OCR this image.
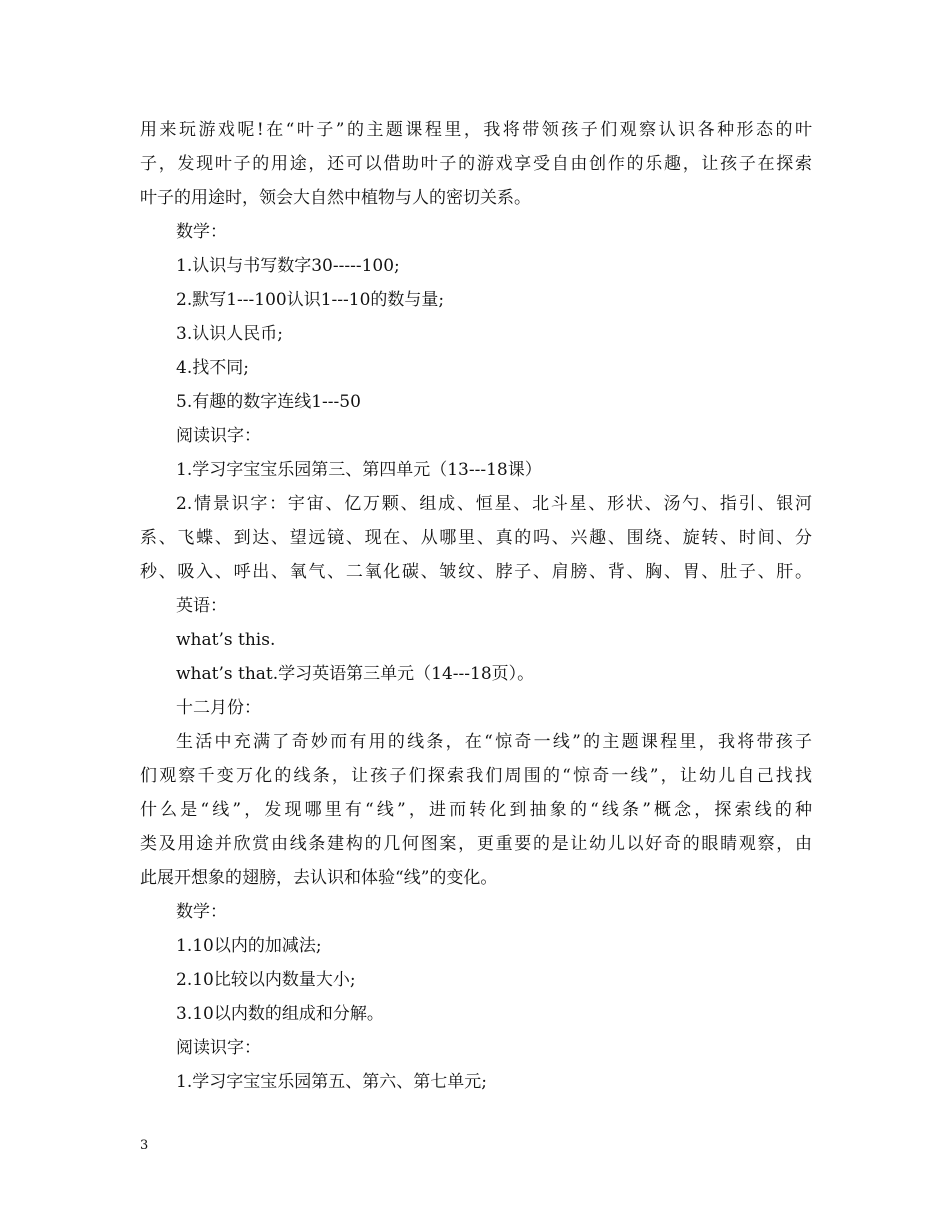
用来玩游戏呢!在“叶子”的主题课程里，我将带领孩子们观察认识各种形态的叶

子，发现叶子的用途，还可以借助叶子的游戏享受自由创作的乐趣，让孩子在探索

叶子的用途时，领会大自然中植物与人的密切关系。

数学：

1.认识与书写数字30-----100;

2.默写1---100认识1---10的数与量;

3.认识人民币;

4.找不同;

5.有趣的数字连线1---50

阅读识字：

1.学习字宝宝乐园第三、第四单元（13---18课）

2.情景识字：宇宙、亿万颗、组成、恒星、北斗星、形状、汤勺、指引、银河

系、飞蝶、到达、望远镜、现在、从哪里、真的吗、兴趣、围绕、旋转、时间、分

秒、吸入、呼出、氧气、二氧化碳、皱纹、脖子、肩膀、背、胸、胃、肚子、肝。

英语：

what’s this.

what’s that.学习英语第三单元（14---18页）。

十二月份：

生活中充满了奇妙而有用的线条，在“惊奇一线”的主题课程里，我将带孩子

们观察千变万化的线条，让孩子们探索我们周围的“惊奇一线”，让幼儿自己找找

什么是“线”，发现哪里有“线”，进而转化到抽象的“线条”概念，探索线的种

类及用途并欣赏由线条建构的几何图案，更重要的是让幼儿以好奇的眼睛观察，由

此展开想象的翅膀，去认识和体验“线”的变化。

数学：

1.10以内的加减法;

2.10比较以内数量大小;

3.10以内数的组成和分解。

阅读识字：

1.学习字宝宝乐园第五、第六、第七单元;

3
